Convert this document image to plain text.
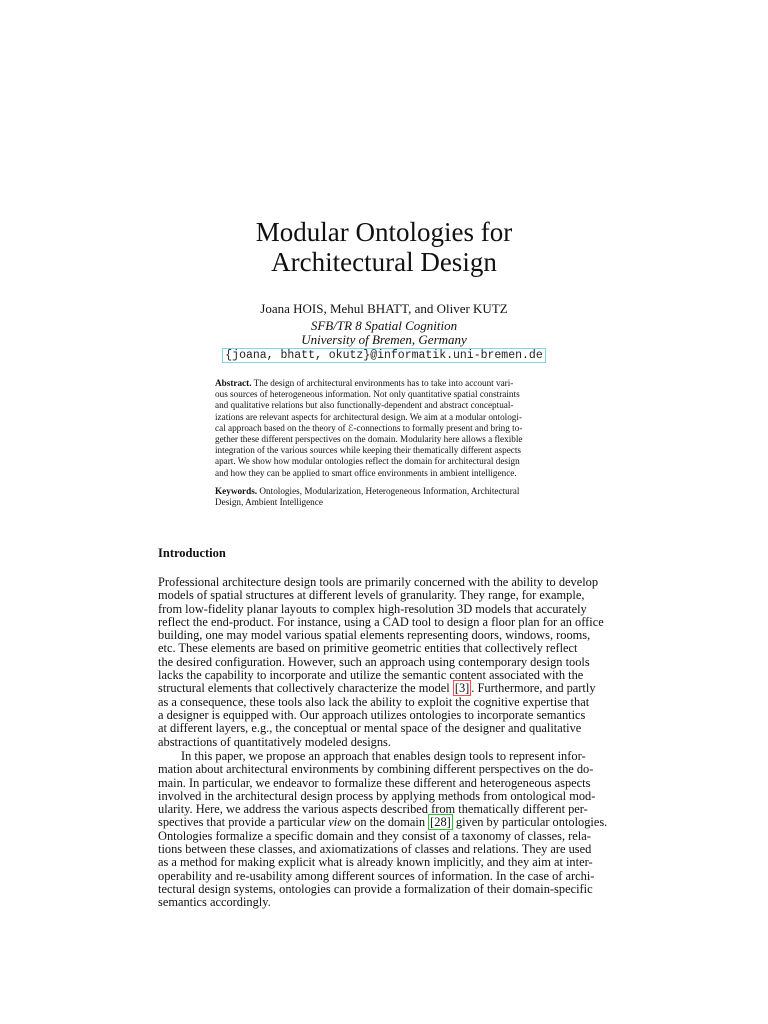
Modular Ontologies for
Architectural Design
Joana HOIS, Mehul BHATT, and Oliver KUTZ
SFB/TR 8 Spatial Cognition
University of Bremen, Germany
{joana, bhatt, okutz}@informatik.uni-bremen.de
Abstract. The design of architectural environments has to take into account vari-
ous sources of heterogeneous information. Not only quantitative spatial constraints
and qualitative relations but also functionally-dependent and abstract conceptual-
izations are relevant aspects for architectural design. We aim at a modular ontologi-
cal approach based on the theory of ℰ-connections to formally present and bring to-
gether these different perspectives on the domain. Modularity here allows a flexible
integration of the various sources while keeping their thematically different aspects
apart. We show how modular ontologies reflect the domain for architectural design
and how they can be applied to smart office environments in ambient intelligence.
Keywords. Ontologies, Modularization, Heterogeneous Information, Architectural
Design, Ambient Intelligence
Introduction
Professional architecture design tools are primarily concerned with the ability to develop
models of spatial structures at different levels of granularity. They range, for example,
from low-fidelity planar layouts to complex high-resolution 3D models that accurately
reflect the end-product. For instance, using a CAD tool to design a floor plan for an office
building, one may model various spatial elements representing doors, windows, rooms,
etc. These elements are based on primitive geometric entities that collectively reflect
the desired configuration. However, such an approach using contemporary design tools
lacks the capability to incorporate and utilize the semantic content associated with the
structural elements that collectively characterize the model [3] . Furthermore, and partly
as a consequence, these tools also lack the ability to exploit the cognitive expertise that
a designer is equipped with. Our approach utilizes ontologies to incorporate semantics
at different layers, e.g., the conceptual or mental space of the designer and qualitative
abstractions of quantitatively modeled designs.
In this paper, we propose an approach that enables design tools to represent infor-
mation about architectural environments by combining different perspectives on the do-
main. In particular, we endeavor to formalize these different and heterogeneous aspects
involved in the architectural design process by applying methods from ontological mod-
ularity. Here, we address the various aspects described from thematically different per-
spectives that provide a particular view on the domain [28] given by particular ontologies.
Ontologies formalize a specific domain and they consist of a taxonomy of classes, rela-
tions between these classes, and axiomatizations of classes and relations. They are used
as a method for making explicit what is already known implicitly, and they aim at inter-
operability and re-usability among different sources of information. In the case of archi-
tectural design systems, ontologies can provide a formalization of their domain-specific
semantics accordingly.
